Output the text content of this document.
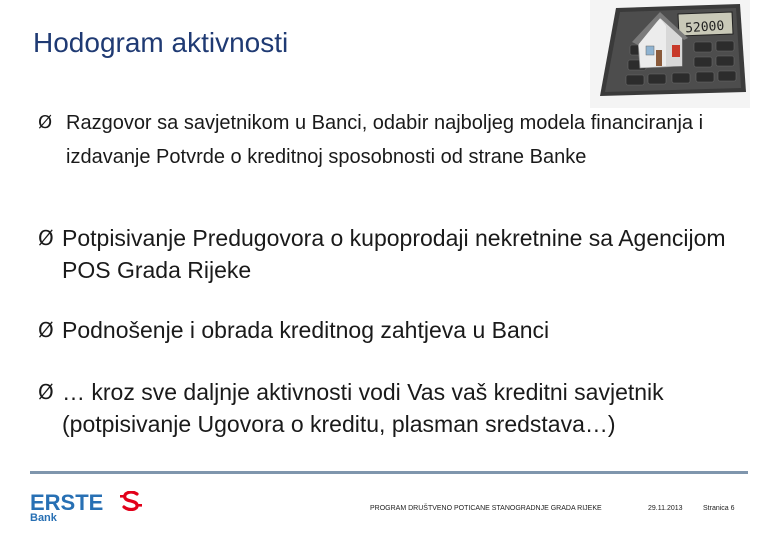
Hodogram aktivnosti	52000
Ø Razgovor sa savjetnikom u Banci, odabir najboljeg modela financiranja i izdavanje Potvrde o kreditnoj sposobnosti od strane Banke
Ø Potpisivanje Predugovora o kupoprodaji nekretnine sa Agencijom POS Grada Rijeke
Ø Podnošenje i obrada kreditnog zahtjeva u Banci
Ø … kroz sve daljnje aktivnosti vodi Vas vaš kreditni savjetnik (potpisivanje Ugovora o kreditu, plasman sredstava…)
ERSTE
Bank
PROGRAM DRUŠTVENO POTICANE STANOGRADNJE GRADA RIJEKE	29.11.2013	Stranica 6
